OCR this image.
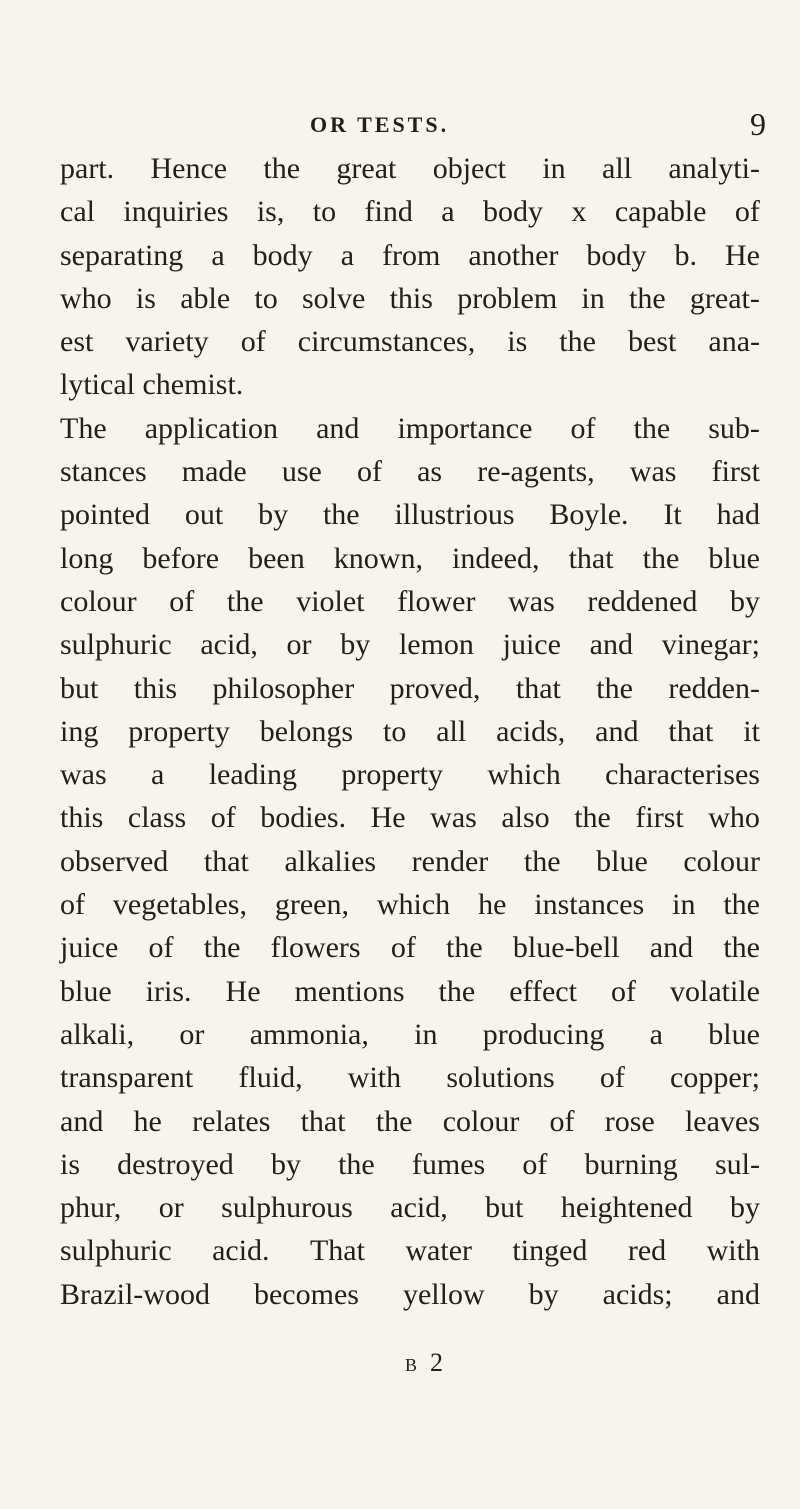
OR TESTS.	9
part. Hence the great object in all analyti-
cal inquiries is, to find a body x capable of
separating a body a from another body b. He
who is able to solve this problem in the great-
est variety of circumstances, is the best ana-
lytical chemist.
The application and importance of the sub-
stances made use of as re-agents, was first
pointed out by the illustrious Boyle. It had
long before been known, indeed, that the blue
colour of the violet flower was reddened by
sulphuric acid, or by lemon juice and vinegar;
but this philosopher proved, that the redden-
ing property belongs to all acids, and that it
was a leading property which characterises
this class of bodies. He was also the first who
observed that alkalies render the blue colour
of vegetables, green, which he instances in the
juice of the flowers of the blue-bell and the
blue iris. He mentions the effect of volatile
alkali, or ammonia, in producing a blue
transparent fluid, with solutions of copper;
and he relates that the colour of rose leaves
is destroyed by the fumes of burning sul-
phur, or sulphurous acid, but heightened by
sulphuric acid. That water tinged red with
Brazil-wood becomes yellow by acids; and
B 2
